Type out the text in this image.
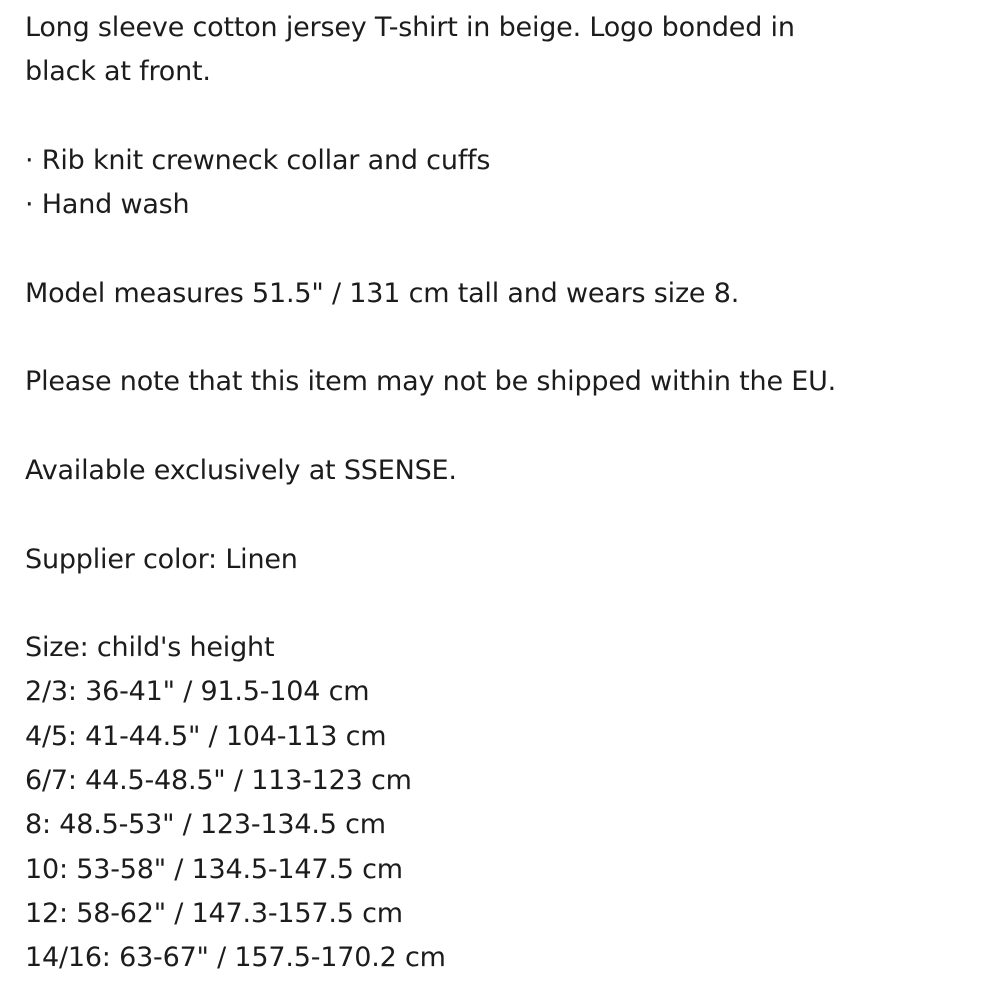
Long sleeve cotton jersey T-shirt in beige. Logo bonded in
black at front.
· Rib knit crewneck collar and cuffs
· Hand wash
Model measures 51.5" / 131 cm tall and wears size 8.
Please note that this item may not be shipped within the EU.
Available exclusively at SSENSE.
Supplier color: Linen
Size: child's height
2/3: 36-41" / 91.5-104 cm
4/5: 41-44.5" / 104-113 cm
6/7: 44.5-48.5" / 113-123 cm
8: 48.5-53" / 123-134.5 cm
10: 53-58" / 134.5-147.5 cm
12: 58-62" / 147.3-157.5 cm
14/16: 63-67" / 157.5-170.2 cm
